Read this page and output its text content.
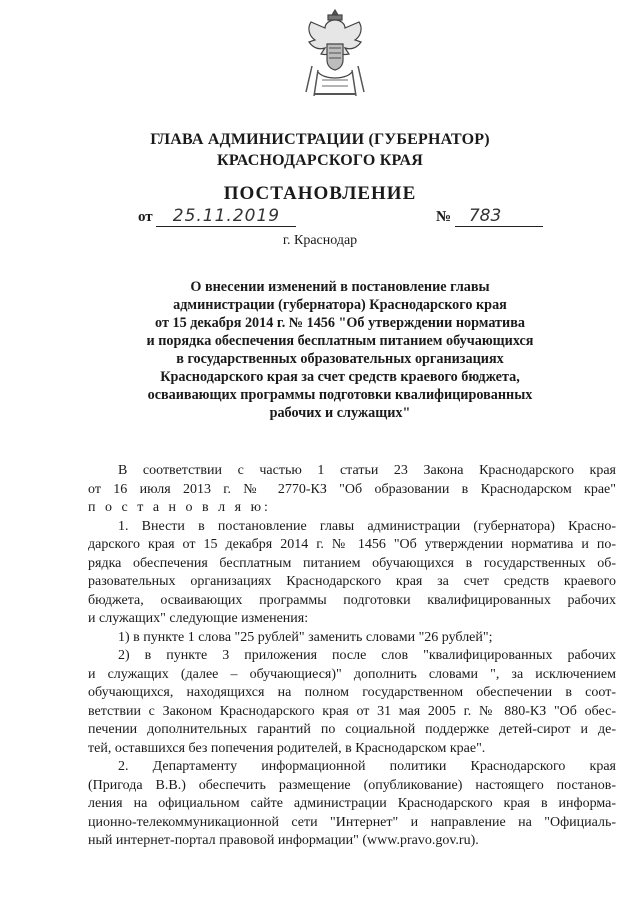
ГЛАВА АДМИНИСТРАЦИИ (ГУБЕРНАТОР)
КРАСНОДАРСКОГО КРАЯ
ПОСТАНОВЛЕНИЕ
от 25.11.2019	№ 783
г. Краснодар
О внесении изменений в постановление главы
администрации (губернатора) Краснодарского края
от 15 декабря 2014 г. № 1456 "Об утверждении норматива
и порядка обеспечения бесплатным питанием обучающихся
в государственных образовательных организациях
Краснодарского края за счет средств краевого бюджета,
осваивающих программы подготовки квалифицированных
рабочих и служащих"
В соответствии с частью 1 статьи 23 Закона Краснодарского края
от 16 июля 2013 г. № 2770-КЗ "Об образовании в Краснодарском крае"
п о с т а н о в л я ю:
1. Внести в постановление главы администрации (губернатора) Красно-
дарского края от 15 декабря 2014 г. № 1456 "Об утверждении норматива и по-
рядка обеспечения бесплатным питанием обучающихся в государственных об-
разовательных организациях Краснодарского края за счет средств краевого
бюджета, осваивающих программы подготовки квалифицированных рабочих
и служащих" следующие изменения:
1) в пункте 1 слова "25 рублей" заменить словами "26 рублей";
2) в пункте 3 приложения после слов "квалифицированных рабочих
и служащих (далее – обучающиеся)" дополнить словами ", за исключением
обучающихся, находящихся на полном государственном обеспечении в соот-
ветствии с Законом Краснодарского края от 31 мая 2005 г. № 880-КЗ "Об обес-
печении дополнительных гарантий по социальной поддержке детей-сирот и де-
тей, оставшихся без попечения родителей, в Краснодарском крае".
2. Департаменту информационной политики Краснодарского края
(Пригода В.В.) обеспечить размещение (опубликование) настоящего постанов-
ления на официальном сайте администрации Краснодарского края в информа-
ционно-телекоммуникационной сети "Интернет" и направление на "Официаль-
ный интернет-портал правовой информации" (www.pravo.gov.ru).
